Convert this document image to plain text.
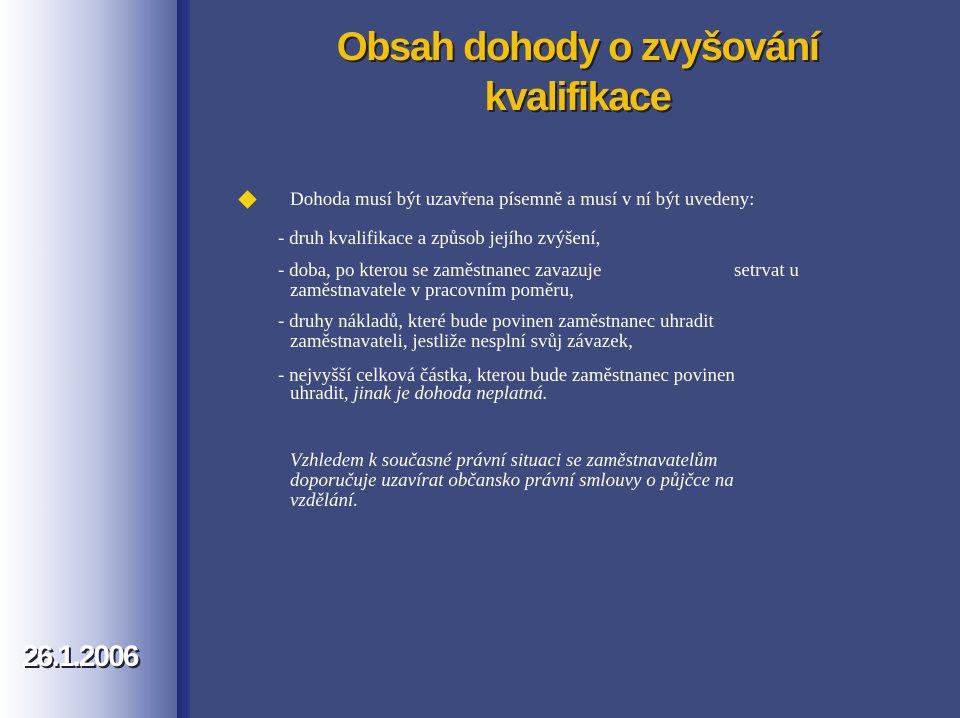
Obsah dohody o zvyšování
kvalifikace
Dohoda musí být uzavřena písemně a musí v ní být uvedeny:
- druh kvalifikace a způsob jejího zvýšení,
- doba, po kterou se zaměstnanec zavazuje	setrvat u
zaměstnavatele v pracovním poměru,
- druhy nákladů, které bude povinen zaměstnanec uhradit
zaměstnavateli, jestliže nesplní svůj závazek,
- nejvyšší celková částka, kterou bude zaměstnanec povinen
uhradit, jinak je dohoda neplatná.
Vzhledem k současné právní situaci se zaměstnavatelům
doporučuje uzavírat občansko právní smlouvy o půjčce na
vzdělání.
26.1.2006
